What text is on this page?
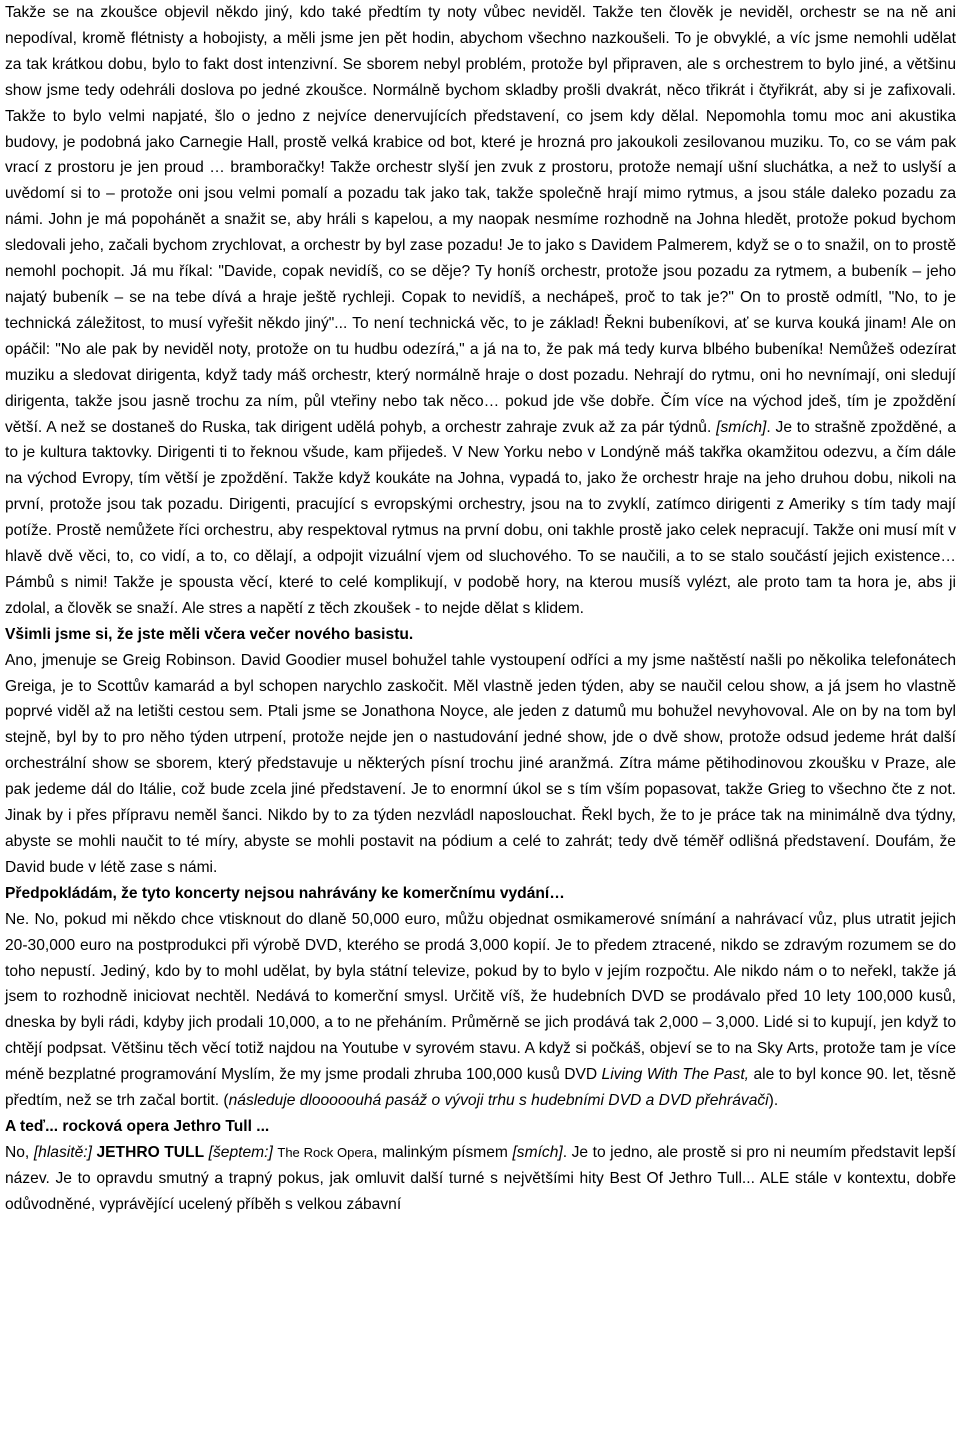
Takže se na zkoušce objevil někdo jiný, kdo také předtím ty noty vůbec neviděl. Takže ten člověk je neviděl, orchestr se na ně ani nepodíval, kromě flétnisty a hobojisty, a měli jsme jen pět hodin, abychom všechno nazkoušeli. To je obvyklé, a víc jsme nemohli udělat za tak krátkou dobu, bylo to fakt dost intenzivní. Se sborem nebyl problém, protože byl připraven, ale s orchestrem to bylo jiné, a většinu show jsme tedy odehráli doslova po jedné zkoušce. Normálně bychom skladby prošli dvakrát, něco třikrát i čtyřikrát, aby si je zafixovali. Takže to bylo velmi napjaté, šlo o jedno z nejvíce denervujících představení, co jsem kdy dělal. Nepomohla tomu moc ani akustika budovy, je podobná jako Carnegie Hall, prostě velká krabice od bot, které je hrozná pro jakoukoli zesilovanou muziku. To, co se vám pak vrací z prostoru je jen proud … bramboračky! Takže orchestr slyší jen zvuk z prostoru, protože nemají ušní sluchátka, a než to uslyší a uvědomí si to – protože oni jsou velmi pomalí a pozadu tak jako tak, takže společně hrají mimo rytmus, a jsou stále daleko pozadu za námi. John je má popohánět a snažit se, aby hráli s kapelou, a my naopak nesmíme rozhodně na Johna hledět, protože pokud bychom sledovali jeho, začali bychom zrychlovat, a orchestr by byl zase pozadu! Je to jako s Davidem Palmerem, když se o to snažil, on to prostě nemohl pochopit. Já mu říkal: "Davide, copak nevidíš, co se děje? Ty honíš orchestr, protože jsou pozadu za rytmem, a bubeník – jeho najatý bubeník – se na tebe dívá a hraje ještě rychleji. Copak to nevidíš, a nechápeš, proč to tak je?" On to prostě odmítl, "No, to je technická záležitost, to musí vyřešit někdo jiný"... To není technická věc, to je základ! Řekni bubeníkovi, ať se kurva kouká jinam! Ale on opáčil: "No ale pak by neviděl noty, protože on tu hudbu odezírá," a já na to, že pak má tedy kurva blbého bubeníka! Nemůžeš odezírat muziku a sledovat dirigenta, když tady máš orchestr, který normálně hraje o dost pozadu. Nehrají do rytmu, oni ho nevnímají, oni sledují dirigenta, takže jsou jasně trochu za ním, půl vteřiny nebo tak něco… pokud jde vše dobře. Čím více na východ jdeš, tím je zpoždění větší. A než se dostaneš do Ruska, tak dirigent udělá pohyb, a orchestr zahraje zvuk až za pár týdnů. [smích]. Je to strašně zpožděné, a to je kultura taktovky. Dirigenti ti to řeknou všude, kam přijedeš. V New Yorku nebo v Londýně máš takřka okamžitou odezvu, a čím dále na východ Evropy, tím větší je zpoždění. Takže když koukáte na Johna, vypadá to, jako že orchestr hraje na jeho druhou dobu, nikoli na první, protože jsou tak pozadu. Dirigenti, pracující s evropskými orchestry, jsou na to zvyklí, zatímco dirigenti z Ameriky s tím tady mají potíže. Prostě nemůžete říci orchestru, aby respektoval rytmus na první dobu, oni takhle prostě jako celek nepracují. Takže oni musí mít v hlavě dvě věci, to, co vidí, a to, co dělají, a odpojit vizuální vjem od sluchového. To se naučili, a to se stalo součástí jejich existence… Pámbů s nimi! Takže je spousta věcí, které to celé komplikují, v podobě hory, na kterou musíš vylézt, ale proto tam ta hora je, abs ji zdolal, a člověk se snaží. Ale stres a napětí z těch zkoušek - to nejde dělat s klidem.

Všimli jsme si, že jste měli včera večer nového basistu.

Ano, jmenuje se Greig Robinson. David Goodier musel bohužel tahle vystoupení odříci a my jsme naštěstí našli po několika telefonátech Greiga, je to Scottův kamarád a byl schopen narychlo zaskočit. Měl vlastně jeden týden, aby se naučil celou show, a já jsem ho vlastně poprvé viděl až na letišti cestou sem. Ptali jsme se Jonathona Noyce, ale jeden z datumů mu bohužel nevyhovoval. Ale on by na tom byl stejně, byl by to pro něho týden utrpení, protože nejde jen o nastudování jedné show, jde o dvě show, protože odsud jedeme hrát další orchestrální show se sborem, který představuje u některých písní trochu jiné aranžmá. Zítra máme pětihodinovou zkoušku v Praze, ale pak jedeme dál do Itálie, což bude zcela jiné představení. Je to enormní úkol se s tím vším popasovat, takže Grieg to všechno čte z not. Jinak by i přes přípravu neměl šanci. Nikdo by to za týden nezvládl naposlouchat. Řekl bych, že to je práce tak na minimálně dva týdny, abyste se mohli naučit to té míry, abyste se mohli postavit na pódium a celé to zahrát; tedy dvě téměř odlišná představení. Doufám, že David bude v létě zase s námi.

Předpokládám, že tyto koncerty nejsou nahrávány ke komerčnímu vydání…

Ne. No, pokud mi někdo chce vtisknout do dlaně 50,000 euro, můžu objednat osmikamerové snímání a nahrávací vůz, plus utratit jejich 20-30,000 euro na postprodukci při výrobě DVD, kterého se prodá 3,000 kopií. Je to předem ztracené, nikdo se zdravým rozumem se do toho nepustí. Jediný, kdo by to mohl udělat, by byla státní televize, pokud by to bylo v jejím rozpočtu. Ale nikdo nám o to neřekl, takže já jsem to rozhodně iniciovat nechtěl. Nedává to komerční smysl. Určitě víš, že hudebních DVD se prodávalo před 10 lety 100,000 kusů, dneska by byli rádi, kdyby jich prodali 10,000, a to ne přeháním. Průměrně se jich prodává tak 2,000 – 3,000. Lidé si to kupují, jen když to chtějí podpsat. Většinu těch věcí totiž najdou na Youtube v syrovém stavu. A když si počkáš, objeví se to na Sky Arts, protože tam je více méně bezplatné programování Myslím, že my jsme prodali zhruba 100,000 kusů DVD Living With The Past, ale to byl konce 90. let, těsně předtím, než se trh začal bortit. (následuje dlooooouhá pasáž o vývoji trhu s hudebními DVD a DVD přehrávači).

A teď... rocková opera Jethro Tull ...

No, [hlasitě:] JETHRO TULL [šeptem:] The Rock Opera, malinkým písmem [smích]. Je to jedno, ale prostě si pro ni neumím představit lepší název. Je to opravdu smutný a trapný pokus, jak omluvit další turné s největšími hity Best Of Jethro Tull... ALE stále v kontextu, dobře odůvodněné, vyprávějící ucelený příběh s velkou zábavní
